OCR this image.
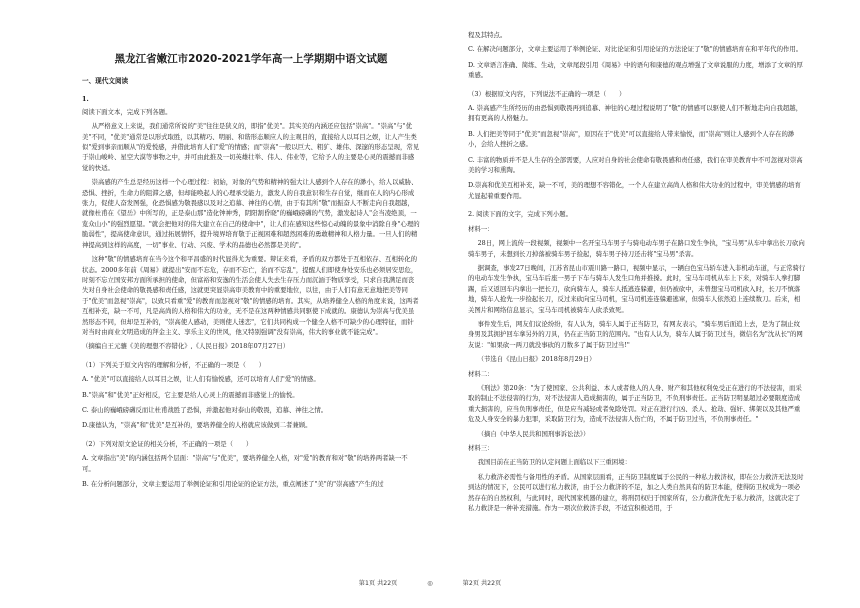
黑龙江省嫩江市2020-2021学年高一上学期期中语文试题
一、现代文阅读
1.

阅读下面文本，完成下列各题。

从严格意义上来说，我们通常所说的"美"往往是狭义的，即指"优美"。其实美的内涵还应包括"崇高"。"崇高"与"优美"不同，"优美"通常是以形式取胜，以其精巧、明丽、和谐形态顺应人的主观目的，直接给人以耳目之娱，让人产生类似"爱到事亲而顺从"的爱悦感，并借此培育人们"爱"的情感；而"崇高"一般以巨大、粗犷、雄伟、深邃的形态呈现，常见于崇山峻岭、星空大漠等事物之中，并可由此推及一切英雄壮举、伟人、伟业等，它给予人的主要是心灵的震撼而非感觉的快适。

崇高感的产生总是经历这样一个心理过程：初始，对象的气势和精神的强大让人感到个人存在的渺小，给人以威胁、恐惧、挫折，生命力的阻滞之感，但却能唤起人的心理承受能力，激发人的自我意识和生存自觉，继而在人的内心形成张力，促使人奋发图强，化恐惧感为敬畏感以及对之追慕、神往的心情，由于有其所"敬"而振奋人不断走向自我超越，就像杜甫在《望岳》中所写的，正是泰山那"造化钟神秀，阴阳割昏晓"的巍峨磅礴的气势，激发起诗人"会当凌绝顶，一览众山小"的强烈愿望。"就会把他对的伟大建立在自己的使命中"，让人们在感知这些惊心动魄的景象中消除自身"心理的脆弱性"，提高使命意识，通过拓展情怀，提升境界培育敬于正视困难和超然困难的勇敢精神和人格力量。一旦人们的精神提高到这样的高度，一切"事业、行动、兴废、学术的品德也必然都是美的"。

这种"敬"的情感培育在当今这个和平昌盛的时代显得尤为重要。辩证来看，矛盾的双方都处于互相依存、互相转化的状态。2000多年前《周易》就提出"安而不忘危，存而不忘亡，治而不忘乱"，提醒人们即使身处安乐也必须居安思危，时刻不忘立国安邦方面所承担的使命，但富裕和安逸的生活会使人失去生存压力而沉湎于物质享受，只求自我满足而丧失对自身社会使命的敬畏感和责任感，这就更突显崇高审美教育中的重要地位，以往，由于人们有意无意地把美等同于"优美"而忽视"崇高"，以致只看重"爱"的教育而忽视对"敬"的情感的培育。其实，从培养健全人格的角度来说，这两者互相补充，缺一不可，凡是高尚的人格和伟大的功业，无不是在这两种情感共同驱使下成就的。康德认为崇高与优美虽然形态不同，但却是互补的，"崇高使人感动，美则使人迷恋"，它们共同构成一个健全人格不可缺少的心理特征，而针对当时由商业文明造成的拜金主义、享乐主义的世风，他又特别强调"没有崇高，伟大的事业就不能完成"。

（摘编自王元骧《美的理想不容错化》,《人民日报》2018年07月27日）

（1）下列关于原文内容的理解和分析，不正确的一项是（　　）

A. "优美"可以直接给人以耳目之娱，让人们有愉悦感，还可以培育人们"爱"的情感。

B."崇高"和"优美"正好相反，它主要是给人心灵上的震撼而非感觉上的愉悦。

C. 泰山的巍峨磅礴反而让杜甫战胜了恐惧，并激起他对泰山的敬畏，追慕、神往之情。

D.康德认为，"崇高"和"优美"是互补的，要培养健全的人格就应该做到二者兼顾。

（2）下列对原文论证的相关分析，不正确的一项是（　　）

A. 文章指出"美"的内涵包括两个层面："崇高"与"优美"，要培养健全人格，对"爱"的教育和对"敬"的培养两者缺一不可。

B. 在分析问题部分，文章主要运用了举例论证和引用论证的论证方法，重点阐述了"美"的"崇高感"产生的过

程及其特点。

C. 在解决问题部分，文章主要运用了举例论证、对比论证和引用论证的方法论证了"敬"的情感培育在和平年代的作用。

D. 文章语言准确、简练、生动，文章尾段引用《周易》中的语句和康德的观点增强了文章说服的力度，增添了文章的厚重感。

（3）根据原文内容，下列说法不正确的一项是（　　）

A. 崇高感产生所经历的由恐惧到敬畏再到追慕、神往的心理过程说明了"敬"的情感可以驱使人们不断地走向自我超越，拥有更高的人格魅力。

B. 人们把美等同于"优美"而忽视"崇高"，原因在于"优美"可以直接给人带来愉悦，而"崇高"则让人感到个人存在的渺小，会给人挫折之感。

C. 丰富的物质并不是人生存的全部需要，人应对自身的社会使命有敬畏感和责任感，我们在审美教育中不可忽视对崇高美的学习和熏陶。

D.崇高和优美互相补充，缺一不可，美的理想不容错化，一个人在建立高尚人格和伟大功业的过程中，审美情感的培育尤显起着重要作用。

2. 阅读下面的文字，完成下列小题。

材料一：

28日，网上流传一段视频，视频中一名开宝马车男子与骑电动车男子在路口发生争执，"宝马男"从车中拿出长刀砍向骑车男子，未想到长刀掉落被骑车男子捡起，骑车男子持刀还击将"宝马男"杀害。

据调查，事发27日晚间，江苏省昆山市震川路一路口，视频中显示，一辆白色宝马轿车进入非机动车道，与正常骑行的电动车发生争执，宝马车后座一男子下车与骑车人发生口角并推搡。此时，宝马车司机从车上下来，对骑车人拳打脚踢，后又返回车内拿出一把长刀，砍向骑车人，骑车人抵逃连躲避，但仍被砍中，未曾想宝马司机砍入时，长刀不慎落地，骑车人抢先一步捡起长刀，反过来砍向宝马司机，宝马司机连连躲避逃窜，但骑车人依然追上连续数刀。后来，相关图片和网络信息显示，宝马车司机被骑车人砍杀致死。

事件发生后，网友们议论纷纷，有人认为，骑车人属于正当防卫，有网友表示，"骑车男后面追上去，是为了制止纹身男及其拥护回车拿另外的刀具，仍在正当防卫的范围内。"也有人认为，骑车人属于防卫过当，微信名为"沈从长"的网友说："如果砍一两刀就没事砍的刀数多了属于防卫过当!"

（节选自《昆山日报》2018年8月29日）

材料二：

《刑法》第20条："为了使国家、公共利益、本人或者他人的人身、财产和其他权利免受正在进行的不法侵害，而采取的制止不法侵害的行为，对不法侵害人造成损害的，属于正当防卫，不负刑事责任。正当防卫明显超过必要限度造成重大损害的，应当负刑事责任，但是应当减轻或者免除处罚。对正在进行行凶、杀人、抢劫、强奸、绑架以及其他严重危及人身安全的暴力犯罪，采取防卫行为，造成不法侵害人伤亡的，不属于防卫过当，不负刑事责任。"

（摘自《中华人民共和国刑事诉讼法》）

材料三：

我国目前在正当防卫的认定问题上面临以下三重困境：

私力救济必需性与备用性的矛盾。从国家层面看，正当防卫制度属于公民的一种私力救济权，即在公力救济无法及时到达的情况下，公民可以进行私力救济，由于公力救济的不足，加之人类自然具有的防卫本能，使得防卫权成为一项必然存在的自然权利，与此同时，现代国家机器的建立，将刑罚权归于国家所有，公力救济优先于私力救济，这就决定了私力救济是一种补充措施。作为一项次位救济手段，不适宜积极适用，于

第1页 共22页	◎	第2页 共22页
